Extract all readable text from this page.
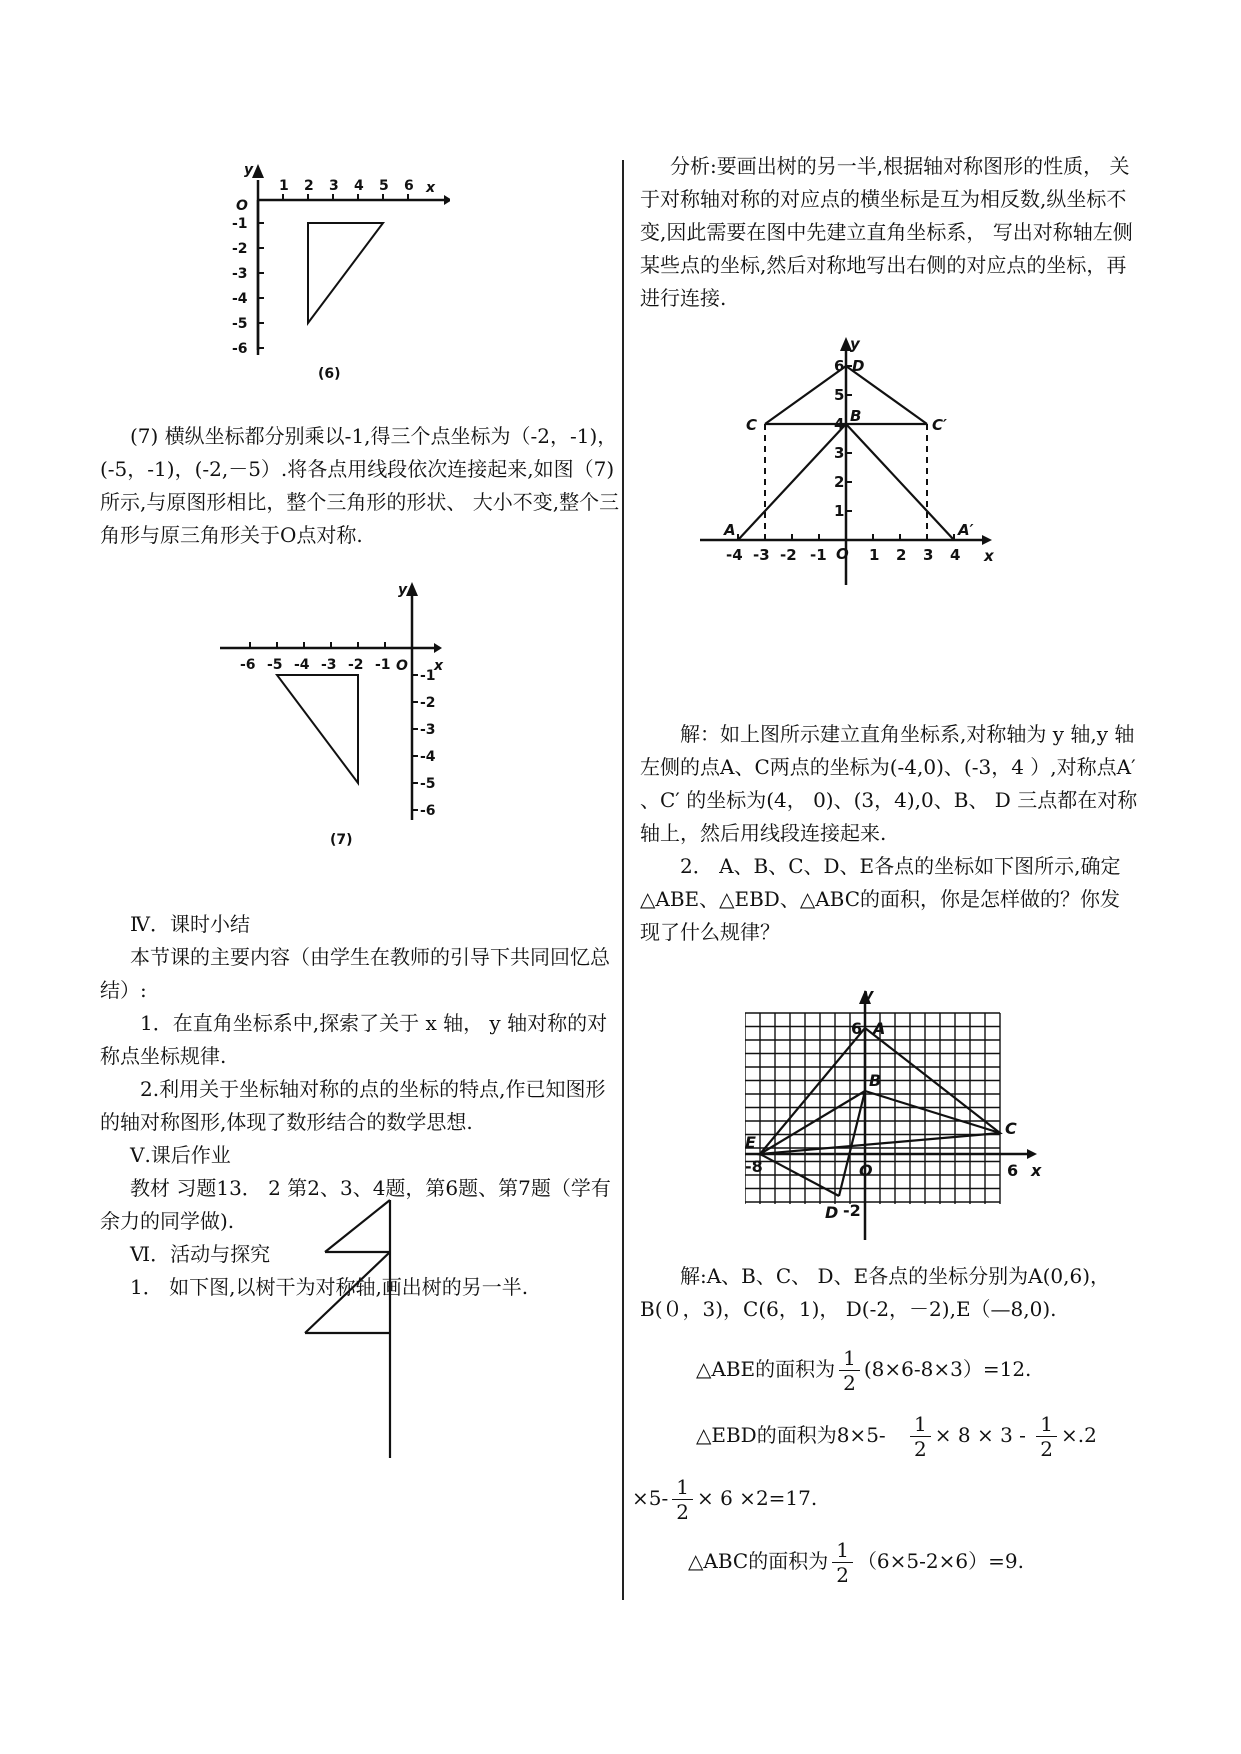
y
x
O
1 2 3 4 5 6
-1
-2
-3
-4
-5
-6
(6)

(7) 横纵坐标都分别乘以-1,得三个点坐标为（-2，-1)，(-5，-1)，(-2,－5）.将各点用线段依次连接起来,如图（7)所示,与原图形相比，整个三角形的形状、 大小不变,整个三角形与原三角形关于O点对称.

y
x
O
-6 -5 -4 -3 -2 -1
-1
-2
-3
-4
-5
-6
(7)

Ⅳ．课时小结

本节课的主要内容（由学生在教师的引导下共同回忆总结）:

1．在直角坐标系中,探索了关于 x 轴， y 轴对称的对称点坐标规律.

2.利用关于坐标轴对称的点的坐标的特点,作已知图形的轴对称图形,体现了数形结合的数学思想.

Ⅴ.课后作业

教材 习题13． 2 第2、3、4题，第6题、第7题（学有余力的同学做).

Ⅵ．活动与探究

1． 如下图,以树干为对称轴,画出树的另一半.

分析:要画出树的另一半,根据轴对称图形的性质， 关于对称轴对称的对应点的横坐标是互为相反数,纵坐标不变,因此需要在图中先建立直角坐标系， 写出对称轴左侧某些点的坐标,然后对称地写出右侧的对应点的坐标，再进行连接.

y
x
O
A	A′
C	C′
B
D
-4 -3 -2 -1	1 2 3 4
1
2
3
4
5
6

解：如上图所示建立直角坐标系,对称轴为 y 轴,y 轴左侧的点A、C两点的坐标为(-4,0)、(-3，4 ）,对称点A′ 、C′ 的坐标为(4， 0)、(3，4),0、B、 D 三点都在对称轴上，然后用线段连接起来.

2． A、B、C、D、E各点的坐标如下图所示,确定△ABE、△EBD、△ABC的面积，你是怎样做的？你发现了什么规律？

y
x
O
6 A
B
C
6
E
-8
D -2

解:A、B、C、 D、E各点的坐标分别为A(0,6)，B(０，3)，C(6，1)， D(-2，－2),E（—8,0).

△ABE的面积为 $\frac{1}{2} (8\times 6-8\times 3)=12$.
△EBD的面积为$8\times 5- \frac{1}{2} \times 8 \times 3 - \frac{1}{2} \times.2$
$\times 5- \frac{1}{2} \times 6 \times 2=17$.
△ABC的面积为 $\frac{1}{2} (6\times 5-2\times 6)=9$.
